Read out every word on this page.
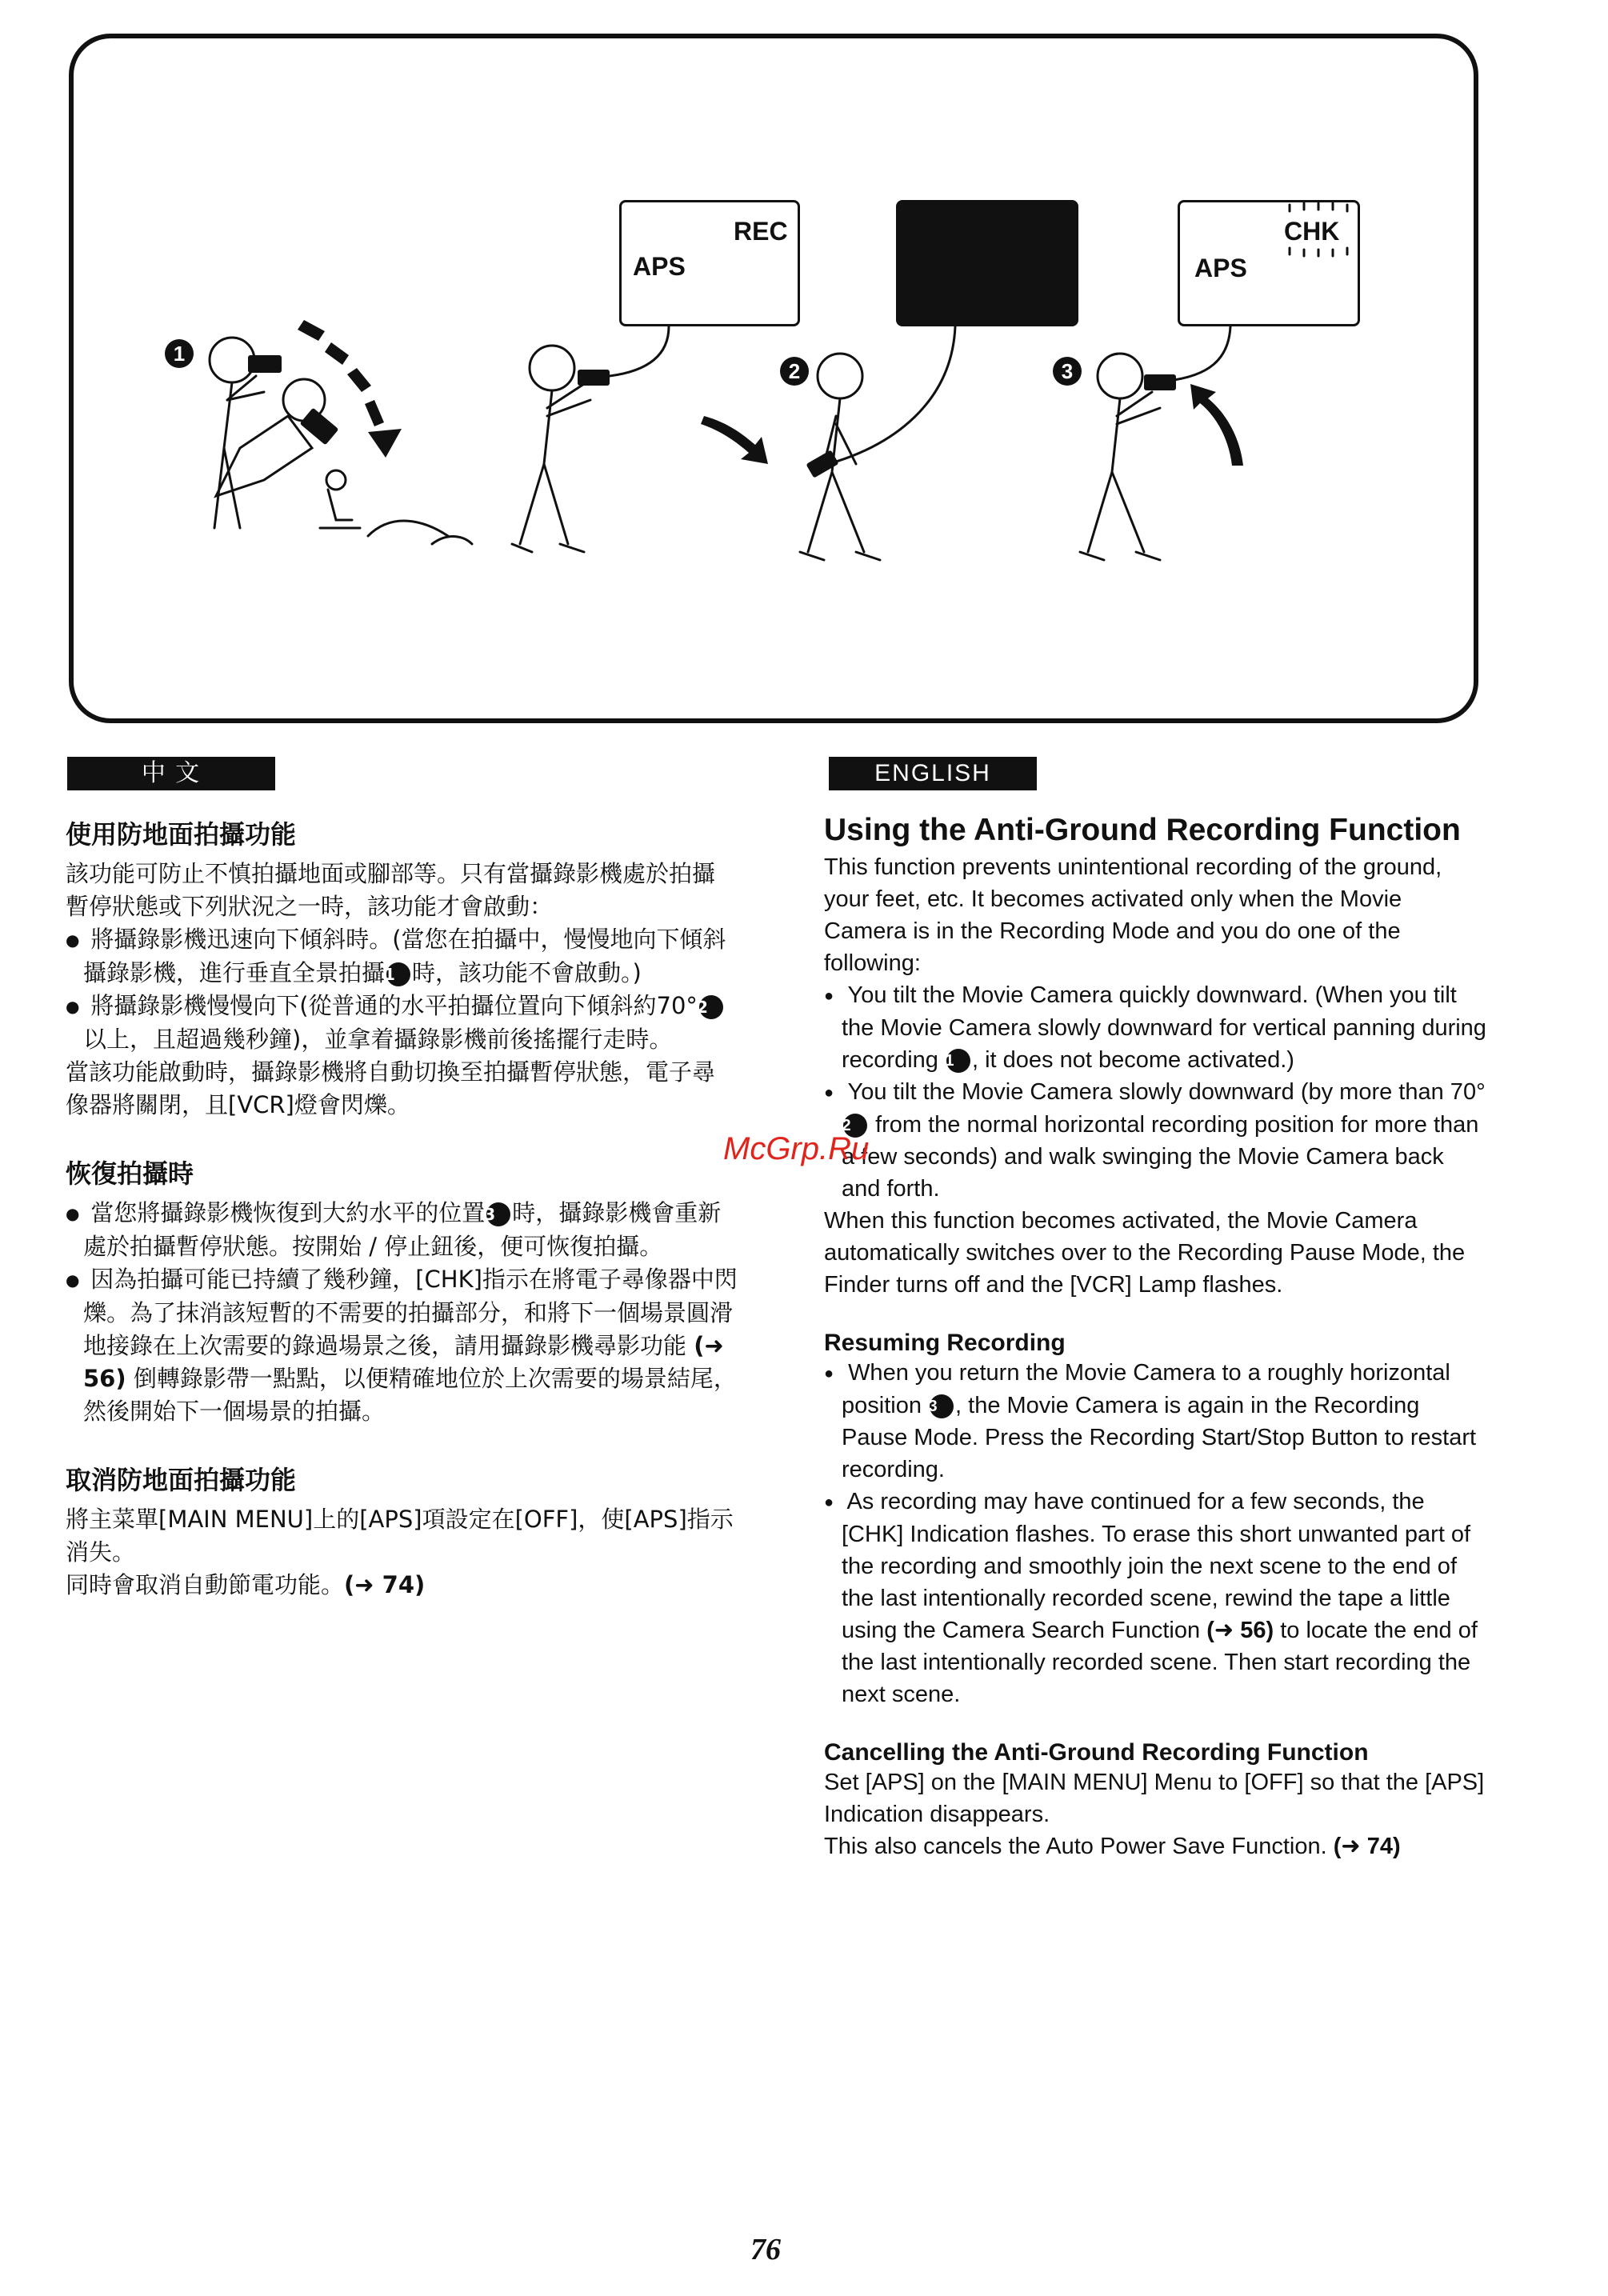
REC
APS
CHK
APS
1
2	3
中 文
使用防地面拍攝功能
該功能可防止不慎拍攝地面或腳部等。只有當攝錄影機處於拍攝暫停狀態或下列狀況之一時，該功能才會啟動：
● 將攝錄影機迅速向下傾斜時。(當您在拍攝中，慢慢地向下傾斜攝錄影機，進行垂直全景拍攝1 時，該功能不會啟動。)
● 將攝錄影機慢慢向下(從普通的水平拍攝位置向下傾斜約70°2以上，且超過幾秒鐘)，並拿着攝錄影機前後搖擺行走時。
當該功能啟動時，攝錄影機將自動切換至拍攝暫停狀態，電子尋像器將關閉，且[VCR]燈會閃爍。
恢復拍攝時
● 當您將攝錄影機恢復到大約水平的位置3 時，攝錄影機會重新處於拍攝暫停狀態。按開始 / 停止鈕後，便可恢復拍攝。
● 因為拍攝可能已持續了幾秒鐘，[CHK]指示在將電子尋像器中閃爍。為了抹消該短暫的不需要的拍攝部分，和將下一個場景圓滑地接錄在上次需要的錄過場景之後，請用攝錄影機尋影功能 (➜ 56) 倒轉錄影帶一點點，以便精確地位於上次需要的場景結尾，然後開始下一個場景的拍攝。
取消防地面拍攝功能
將主菜單[MAIN MENU]上的[APS]項設定在[OFF]，使[APS]指示消失。
同時會取消自動節電功能。(➜ 74)
ENGLISH
Using the Anti-Ground Recording Function
This function prevents unintentional recording of the ground, your feet, etc. It becomes activated only when the Movie Camera is in the Recording Mode and you do one of the following:
● You tilt the Movie Camera quickly downward. (When you tilt the Movie Camera slowly downward for vertical panning during recording 1 , it does not become activated.)
● You tilt the Movie Camera slowly downward (by more than 70° 2 from the normal horizontal recording position for more than a few seconds) and walk swinging the Movie Camera back and forth.
When this function becomes activated, the Movie Camera automatically switches over to the Recording Pause Mode, the Finder turns off and the [VCR] Lamp flashes.
Resuming Recording
● When you return the Movie Camera to a roughly horizontal position 3 , the Movie Camera is again in the Recording Pause Mode. Press the Recording Start/Stop Button to restart recording.
● As recording may have continued for a few seconds, the [CHK] Indication flashes. To erase this short unwanted part of the recording and smoothly join the next scene to the end of the last intentionally recorded scene, rewind the tape a little using the Camera Search Function (➜ 56) to locate the end of the last intentionally recorded scene. Then start recording the next scene.
Cancelling the Anti-Ground Recording Function
Set [APS] on the [MAIN MENU] Menu to [OFF] so that the [APS] Indication disappears.
This also cancels the Auto Power Save Function. (➜ 74)
McGrp.Ru
76
